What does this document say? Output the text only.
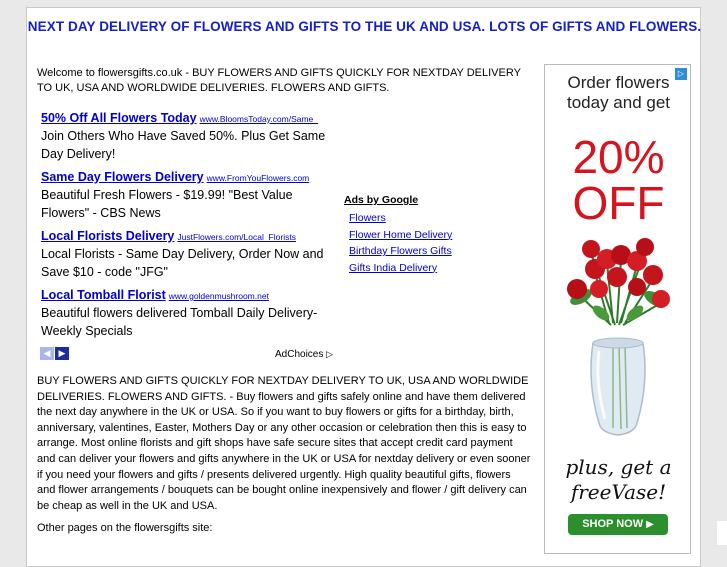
NEXT DAY DELIVERY OF FLOWERS AND GIFTS TO THE UK AND USA. LOTS OF GIFTS AND FLOWERS.
Welcome to flowersgifts.co.uk - BUY FLOWERS AND GIFTS QUICKLY FOR NEXTDAY DELIVERY TO UK, USA AND WORLDWIDE DELIVERIES. FLOWERS AND GIFTS.
50% Off All Flowers Today www.BloomsToday.com/Same_
Join Others Who Have Saved 50%. Plus Get Same Day Delivery!
Same Day Flowers Delivery www.FromYouFlowers.com
Beautiful Fresh Flowers - $19.99! "Best Value Flowers" - CBS News
Local Florists Delivery JustFlowers.com/Local_Florists
Local Florists - Same Day Delivery, Order Now and Save $10 - code "JFG"
Local Tomball Florist www.goldenmushroom.net
Beautiful flowers delivered Tomball Daily Delivery-Weekly Specials
Ads by Google
Flowers
Flower Home Delivery
Birthday Flowers Gifts
Gifts India Delivery
◀ ▶	AdChoices ▷
BUY FLOWERS AND GIFTS QUICKLY FOR NEXTDAY DELIVERY TO UK, USA AND WORLDWIDE DELIVERIES. FLOWERS AND GIFTS. - Buy flowers and gifts safely online and have them delivered the next day anywhere in the UK or USA. So if you want to buy flowers or gifts for a birthday, birth, anniversary, valentines, Easter, Mothers Day or any other occasion or celebration then this is easy to arrange. Most online florists and gift shops have safe secure sites that accept credit card payment and can deliver your flowers and gifts anywhere in the UK or USA for nextday delivery or even sooner if you need your flowers and gifts / presents delivered urgently. High quality beautiful gifts, flowers and flower arrangements / bouquets can be bought online inexpensively and flower / gift delivery can be cheap as well in the UK and USA.
Other pages on the flowersgifts site:
▷
Order flowers today and get
20%
OFF
plus, get a freeVase!
SHOP NOW ▶
